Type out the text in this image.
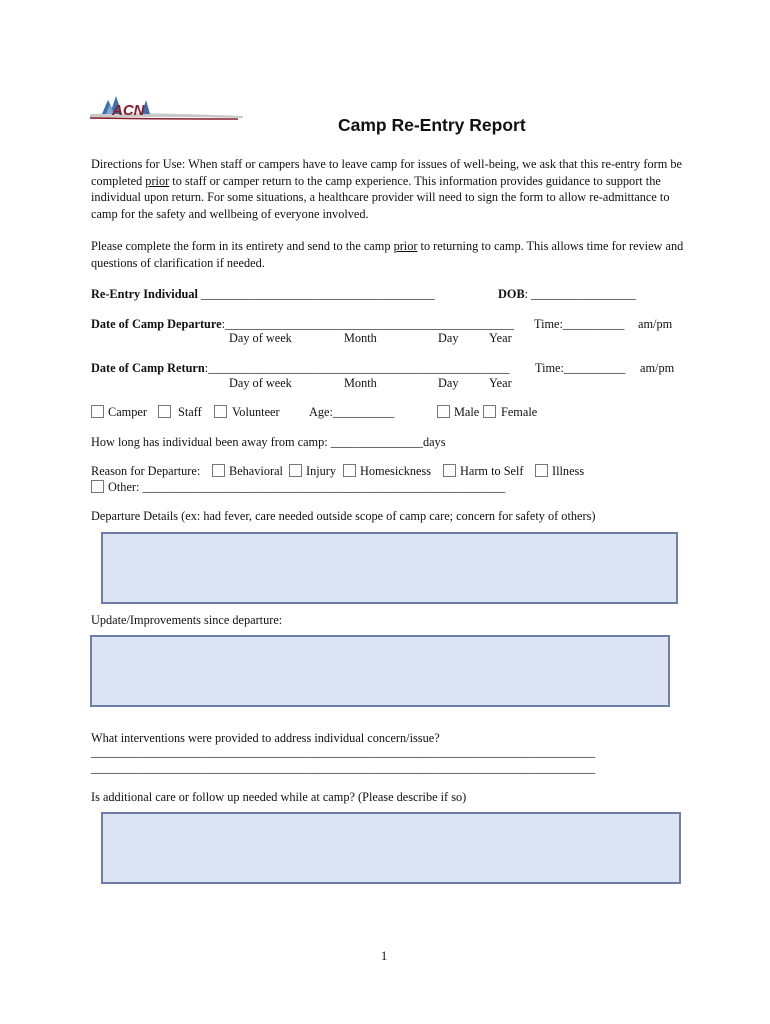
ACN
Camp Re-Entry Report
Directions for Use: When staff or campers have to leave camp for issues of well-being, we ask that this re-entry form be completed prior to staff or camper return to the camp experience. This information provides guidance to support the individual upon return. For some situations, a healthcare provider will need to sign the form to allow re-admittance to camp for the safety and wellbeing of everyone involved.
Please complete the form in its entirety and send to the camp prior to returning to camp. This allows time for review and questions of clarification if needed.
Re-Entry Individual ______________________________________	DOB: _________________
Date of Camp Departure:_______________________________________________ Time:__________ am/pm
Day of week	Month	Day Year
Date of Camp Return:_________________________________________________ Time:__________ am/pm
Day of week	Month	Day Year
Camper	Staff Volunteer Age:__________	Male Female
How long has individual been away from camp: _______________days
Reason for Departure: Behavioral Injury Homesickness Harm to Self Illness
Other: ___________________________________________________________
Departure Details (ex: had fever, care needed outside scope of camp care; concern for safety of others)
Update/Improvements since departure:
What interventions were provided to address individual concern/issue?
__________________________________________________________________________________
__________________________________________________________________________________
Is additional care or follow up needed while at camp? (Please describe if so)
1
